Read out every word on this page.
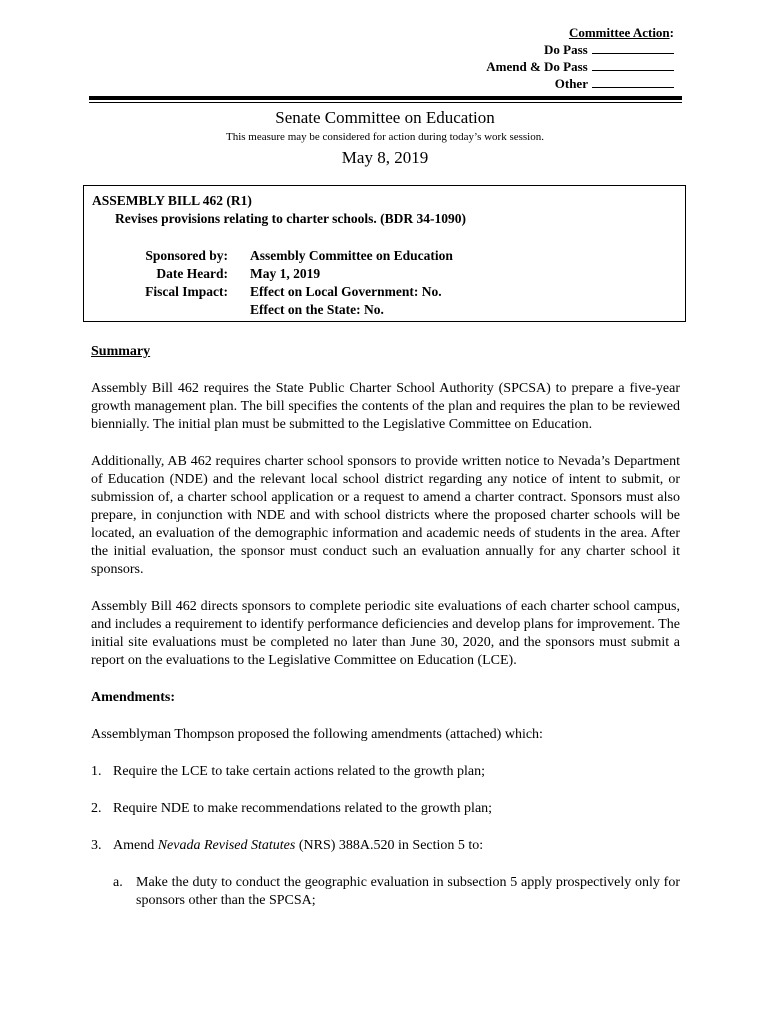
Committee Action:
Do Pass
Amend & Do Pass
Other
Senate Committee on Education
This measure may be considered for action during today’s work session.
May 8, 2019
ASSEMBLY BILL 462 (R1)
Revises provisions relating to charter schools. (BDR 34-1090)
Sponsored by:
Date Heard:
Fiscal Impact:
Assembly Committee on Education
May 1, 2019
Effect on Local Government: No.
Effect on the State: No.
Summary

Assembly Bill 462 requires the State Public Charter School Authority (SPCSA) to prepare a five-year growth management plan. The bill specifies the contents of the plan and requires the plan to be reviewed biennially. The initial plan must be submitted to the Legislative Committee on Education.

Additionally, AB 462 requires charter school sponsors to provide written notice to Nevada’s Department of Education (NDE) and the relevant local school district regarding any notice of intent to submit, or submission of, a charter school application or a request to amend a charter contract. Sponsors must also prepare, in conjunction with NDE and with school districts where the proposed charter schools will be located, an evaluation of the demographic information and academic needs of students in the area. After the initial evaluation, the sponsor must conduct such an evaluation annually for any charter school it sponsors.

Assembly Bill 462 directs sponsors to complete periodic site evaluations of each charter school campus, and includes a requirement to identify performance deficiencies and develop plans for improvement. The initial site evaluations must be completed no later than June 30, 2020, and the sponsors must submit a report on the evaluations to the Legislative Committee on Education (LCE).

Amendments:

Assemblyman Thompson proposed the following amendments (attached) which:

1. Require the LCE to take certain actions related to the growth plan;
2. Require NDE to make recommendations related to the growth plan;
3. Amend Nevada Revised Statutes (NRS) 388A.520 in Section 5 to:
a. Make the duty to conduct the geographic evaluation in subsection 5 apply prospectively only for sponsors other than the SPCSA;
